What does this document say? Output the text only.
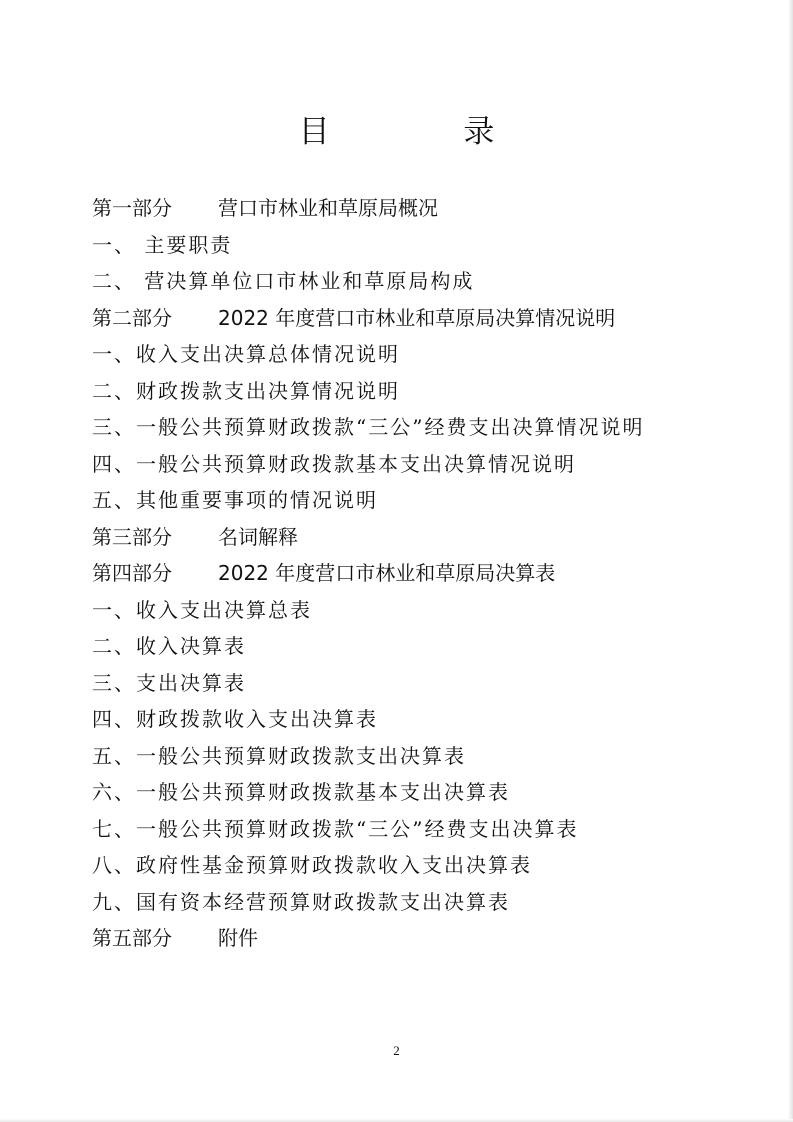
目 录
第一部分 营口市林业和草原局概况
一、 主要职责
二、 营决算单位口市林业和草原局构成
第二部分 2022 年度营口市林业和草原局决算情况说明
一、收入支出决算总体情况说明
二、财政拨款支出决算情况说明
三、一般公共预算财政拨款“三公”经费支出决算情况说明
四、一般公共预算财政拨款基本支出决算情况说明
五、其他重要事项的情况说明
第三部分 名词解释
第四部分 2022 年度营口市林业和草原局决算表
一、收入支出决算总表
二、收入决算表
三、支出决算表
四、财政拨款收入支出决算表
五、一般公共预算财政拨款支出决算表
六、一般公共预算财政拨款基本支出决算表
七、一般公共预算财政拨款“三公”经费支出决算表
八、政府性基金预算财政拨款收入支出决算表
九、国有资本经营预算财政拨款支出决算表
第五部分 附件
2
